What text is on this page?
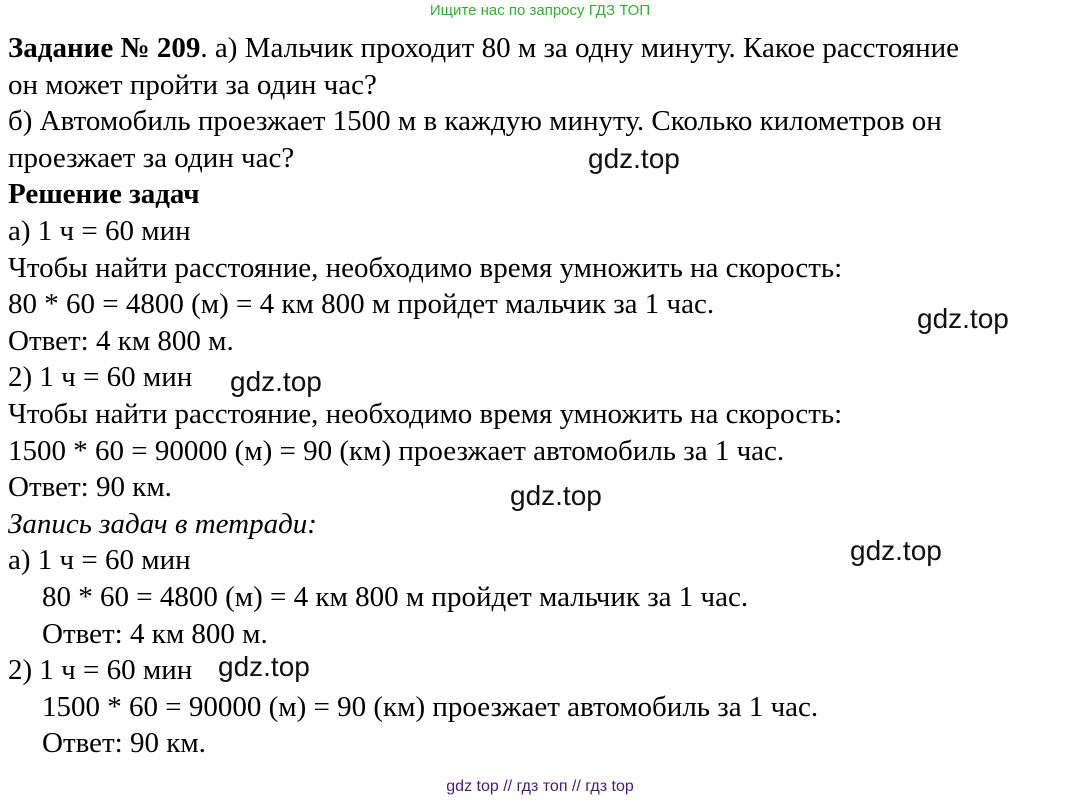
Ищите нас по запросу ГДЗ ТОП
Задание № 209. а) Мальчик проходит 80 м за одну минуту. Какое расстояние
он может пройти за один час?
б) Автомобиль проезжает 1500 м в каждую минуту. Сколько километров он
проезжает за один час?
Решение задач
а) 1 ч = 60 мин
Чтобы найти расстояние, необходимо время умножить на скорость:
80 * 60 = 4800 (м) = 4 км 800 м пройдет мальчик за 1 час.
Ответ: 4 км 800 м.
2) 1 ч = 60 мин
Чтобы найти расстояние, необходимо время умножить на скорость:
1500 * 60 = 90000 (м) = 90 (км) проезжает автомобиль за 1 час.
Ответ: 90 км.
Запись задач в тетради:
а) 1 ч = 60 мин
80 * 60 = 4800 (м) = 4 км 800 м пройдет мальчик за 1 час.
Ответ: 4 км 800 м.
2) 1 ч = 60 мин
1500 * 60 = 90000 (м) = 90 (км) проезжает автомобиль за 1 час.
Ответ: 90 км.
gdz.top
gdz.top
gdz.top
gdz.top
gdz.top
gdz.top
gdz top // гдз топ // гдз top
